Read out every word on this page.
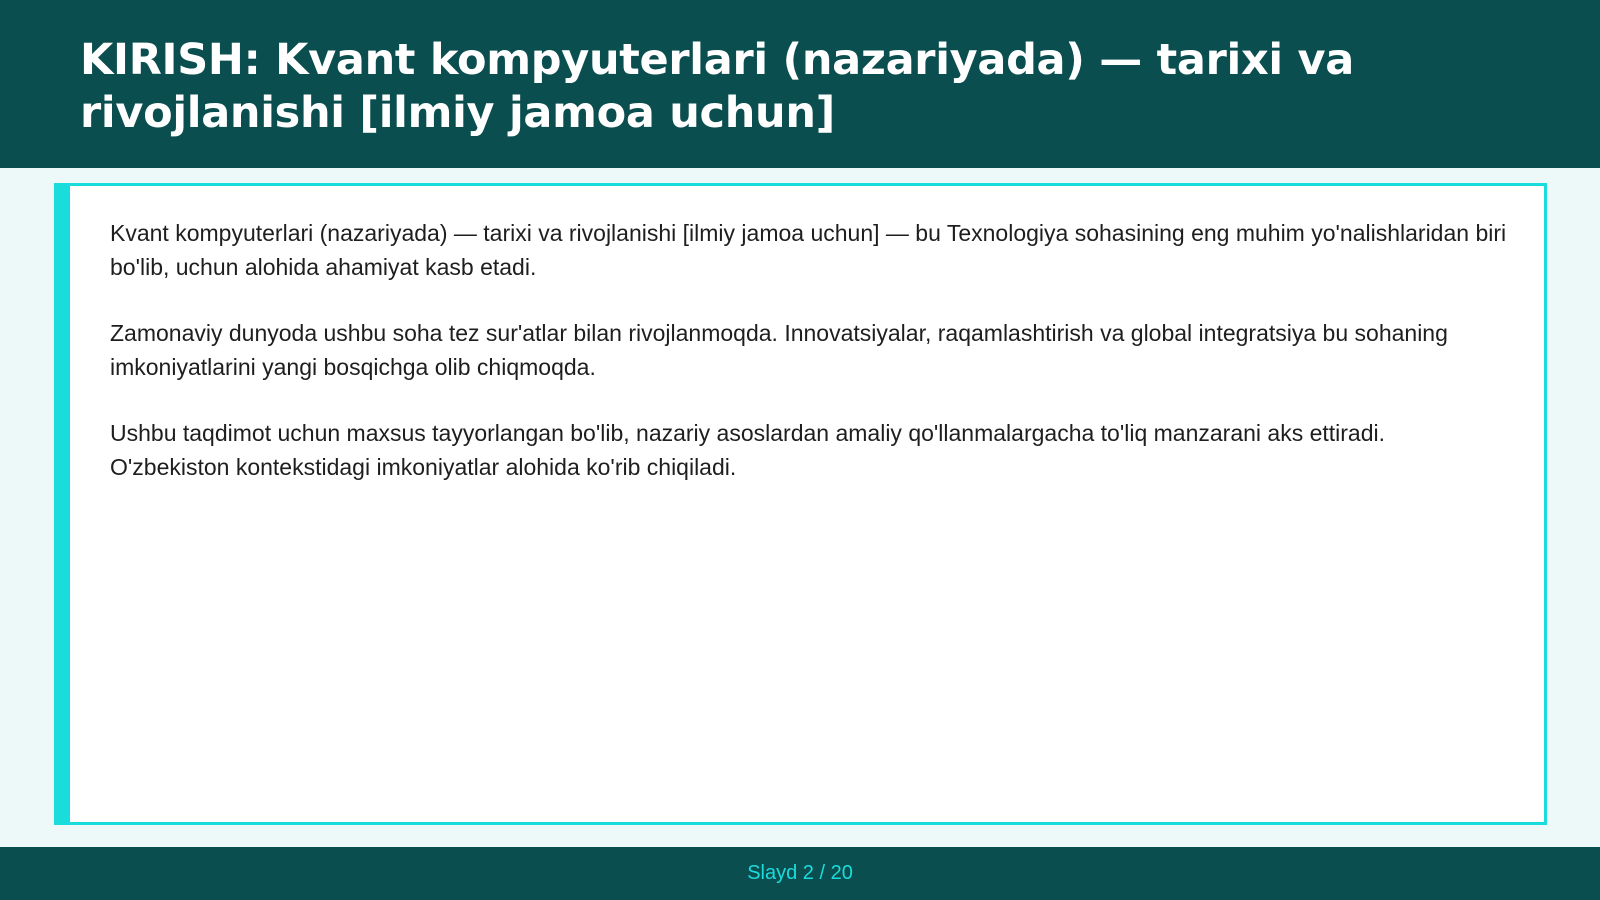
KIRISH: Kvant kompyuterlari (nazariyada) — tarixi va rivojlanishi [ilmiy jamoa uchun]

Kvant kompyuterlari (nazariyada) — tarixi va rivojlanishi [ilmiy jamoa uchun] — bu Texnologiya sohasining eng muhim yo'nalishlaridan biri bo'lib, uchun alohida ahamiyat kasb etadi.

Zamonaviy dunyoda ushbu soha tez sur'atlar bilan rivojlanmoqda. Innovatsiyalar, raqamlashtirish va global integratsiya bu sohaning imkoniyatlarini yangi bosqichga olib chiqmoqda.

Ushbu taqdimot uchun maxsus tayyorlangan bo'lib, nazariy asoslardan amaliy qo'llanmalargacha to'liq manzarani aks ettiradi. O'zbekiston kontekstidagi imkoniyatlar alohida ko'rib chiqiladi.

Slayd 2 / 20
